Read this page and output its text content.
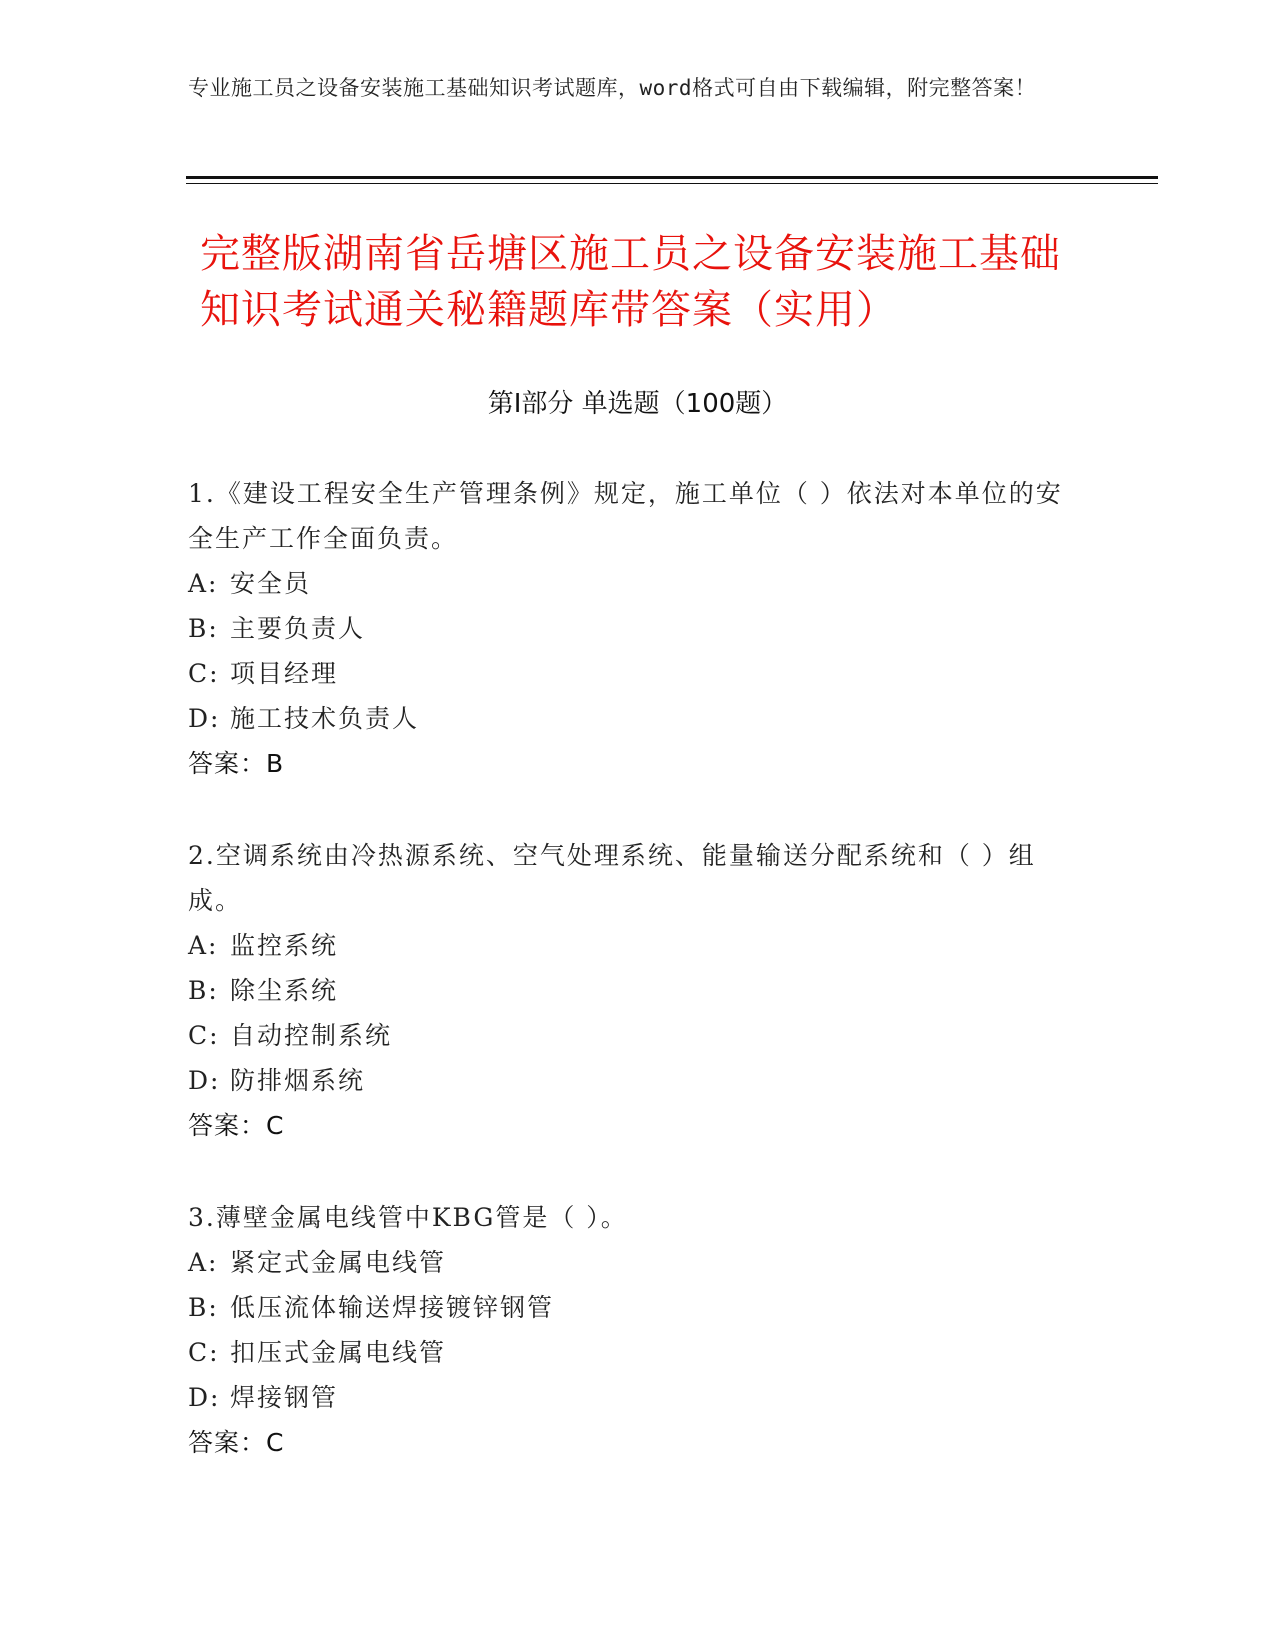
专业施工员之设备安装施工基础知识考试题库，word格式可自由下载编辑，附完整答案！
完整版湖南省岳塘区施工员之设备安装施工基础知识考试通关秘籍题库带答案（实用）
第Ⅰ部分 单选题（100题）
1.《建设工程安全生产管理条例》规定，施工单位（ ）依法对本单位的安全生产工作全面负责。
A: 安全员
B: 主要负责人
C: 项目经理
D: 施工技术负责人
答案：B
2.空调系统由冷热源系统、空气处理系统、能量输送分配系统和（ ）组成。
A: 监控系统
B: 除尘系统
C: 自动控制系统
D: 防排烟系统
答案：C
3.薄壁金属电线管中KBG管是（ ）。
A: 紧定式金属电线管
B: 低压流体输送焊接镀锌钢管
C: 扣压式金属电线管
D: 焊接钢管
答案：C
